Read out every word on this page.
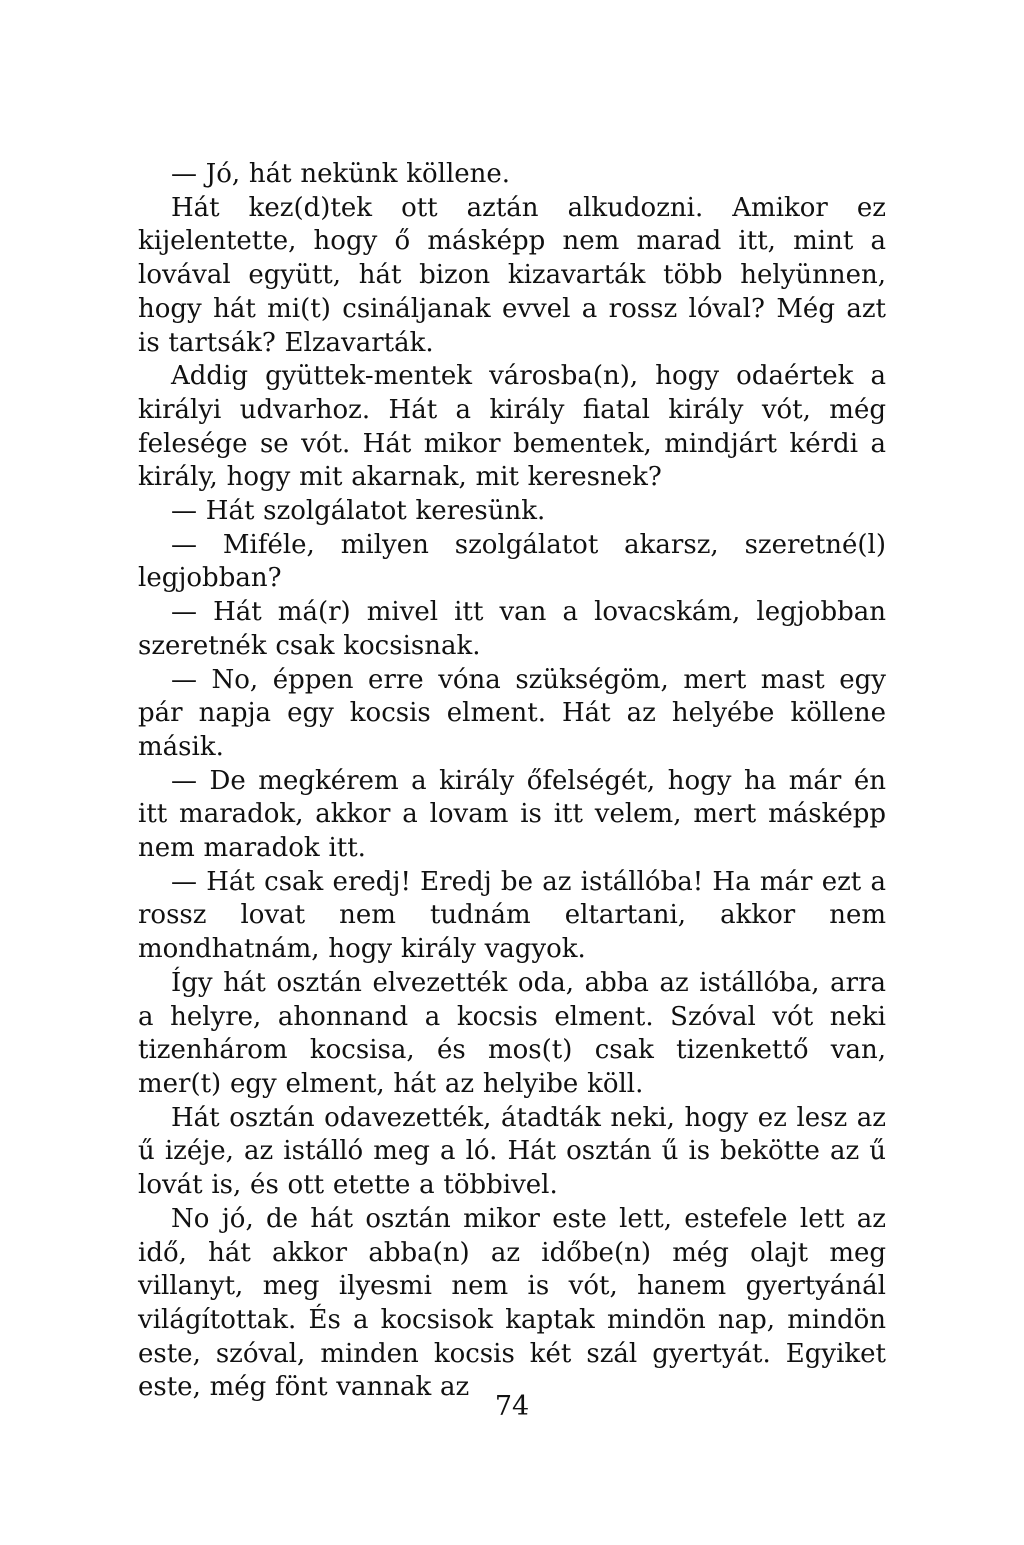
— Jó, hát nekünk köllene.

Hát kez(d)tek ott aztán alkudozni. Amikor ez kijelentette, hogy ő másképp nem marad itt, mint a lovával együtt, hát bizon kizavarták több helyünnen, hogy hát mi(t) csináljanak evvel a rossz lóval? Még azt is tartsák? Elzavarták.

Addig gyüttek-mentek városba(n), hogy odaértek a királyi udvarhoz. Hát a király fiatal király vót, még felesége se vót. Hát mikor bementek, mindjárt kérdi a király, hogy mit akarnak, mit keresnek?

— Hát szolgálatot keresünk.

— Miféle, milyen szolgálatot akarsz, szeretné(l) legjobban?

— Hát má(r) mivel itt van a lovacskám, legjobban szeretnék csak kocsisnak.

— No, éppen erre vóna szükségöm, mert mast egy pár napja egy kocsis elment. Hát az helyébe köllene másik.

— De megkérem a király őfelségét, hogy ha már én itt maradok, akkor a lovam is itt velem, mert másképp nem maradok itt.

— Hát csak eredj! Eredj be az istállóba! Ha már ezt a rossz lovat nem tudnám eltartani, akkor nem mondhatnám, hogy király vagyok.

Így hát osztán elvezették oda, abba az istállóba, arra a helyre, ahonnand a kocsis elment. Szóval vót neki tizenhárom kocsisa, és mos(t) csak tizenkettő van, mer(t) egy elment, hát az helyibe köll.

Hát osztán odavezették, átadták neki, hogy ez lesz az ű izéje, az istálló meg a ló. Hát osztán ű is bekötte az ű lovát is, és ott etette a többivel.

No jó, de hát osztán mikor este lett, estefele lett az idő, hát akkor abba(n) az időbe(n) még olajt meg villanyt, meg ilyesmi nem is vót, hanem gyertyánál világítottak. És a kocsisok kaptak mindön nap, mindön este, szóval, minden kocsis két szál gyertyát. Egyiket este, még fönt vannak az

74
